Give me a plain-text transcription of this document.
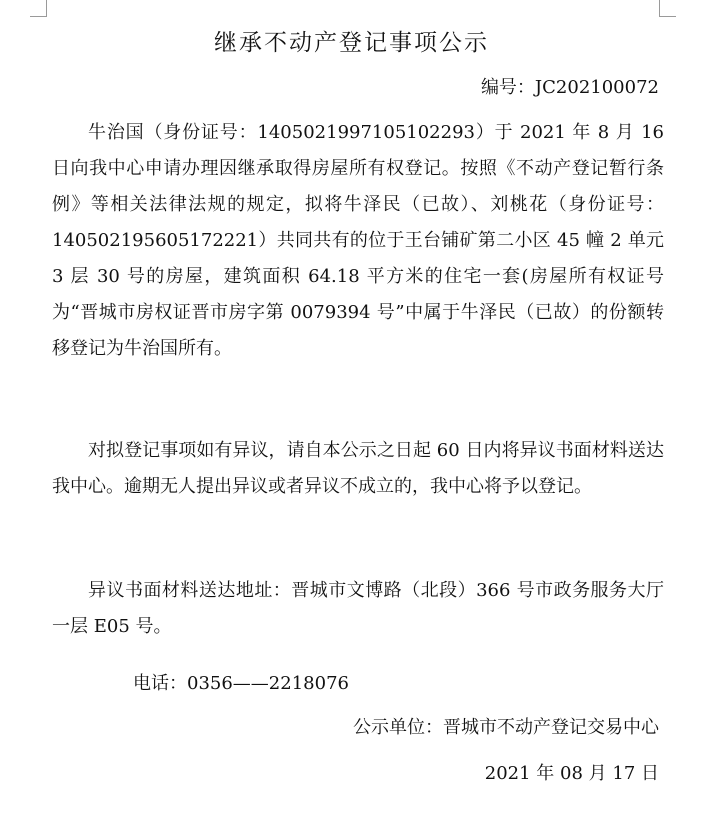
继承不动产登记事项公示
编号：JC202100072

牛治国（身份证号：1405021997105102293）于 2021 年 8 月 16 日向我中心申请办理因继承取得房屋所有权登记。按照《不动产登记暂行条例》等相关法律法规的规定，拟将牛泽民（已故）、刘桃花（身份证号：140502195605172221）共同共有的位于王台铺矿第二小区 45 幢 2 单元 3 层 30 号的房屋，建筑面积 64.18 平方米的住宅一套(房屋所有权证号为“晋城市房权证晋市房字第 0079394 号”中属于牛泽民（已故）的份额转移登记为牛治国所有。

对拟登记事项如有异议，请自本公示之日起 60 日内将异议书面材料送达我中心。逾期无人提出异议或者异议不成立的，我中心将予以登记。

异议书面材料送达地址：晋城市文博路（北段）366 号市政务服务大厅一层 E05 号。

电话：0356——2218076
公示单位：晋城市不动产登记交易中心
2021 年 08 月 17 日
